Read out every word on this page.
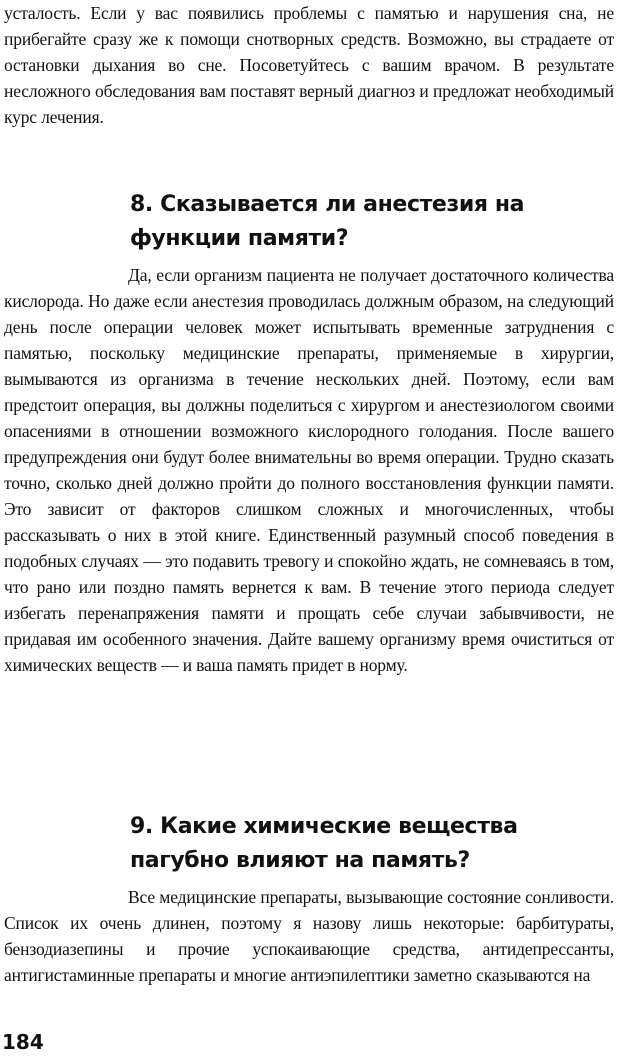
усталость. Если у вас появились проблемы с памятью и нарушения сна, не прибегайте сразу же к помощи снотворных средств. Возможно, вы страдаете от остановки дыхания во сне. Посоветуйтесь с вашим врачом. В результате несложного обследования вам поставят верный диагноз и предложат необходимый курс лечения.

8. Сказывается ли анестезия на
функции памяти?

Да, если организм пациента не получает достаточного количества кислорода. Но даже если анестезия проводилась должным образом, на следующий день после операции человек может испытывать временные затруднения с памятью, поскольку медицинские препараты, применяемые в хирургии, вымываются из организма в течение нескольких дней. Поэтому, если вам предстоит операция, вы должны поделиться с хирургом и анестезиологом своими опасениями в отношении возможного кислородного голодания. После вашего предупреждения они будут более внимательны во время операции. Трудно сказать точно, сколько дней должно пройти до полного восстановления функции памяти. Это зависит от факторов слишком сложных и многочисленных, чтобы рассказывать о них в этой книге. Единственный разумный способ поведения в подобных случаях — это подавить тревогу и спокойно ждать, не сомневаясь в том, что рано или поздно память вернется к вам. В течение этого периода следует избегать перенапряжения памяти и прощать себе случаи забывчивости, не придавая им особенного значения. Дайте вашему организму время очиститься от химических веществ — и ваша память придет в норму.

9. Какие химические вещества
пагубно влияют на память?

Все медицинские препараты, вызывающие состояние сонливости. Список их очень длинен, поэтому я назову лишь некоторые: барбитураты, бензодиазепины и прочие успокаивающие средства, антидепрессанты, антигистаминные препараты и многие антиэпилептики заметно сказываются на

184
